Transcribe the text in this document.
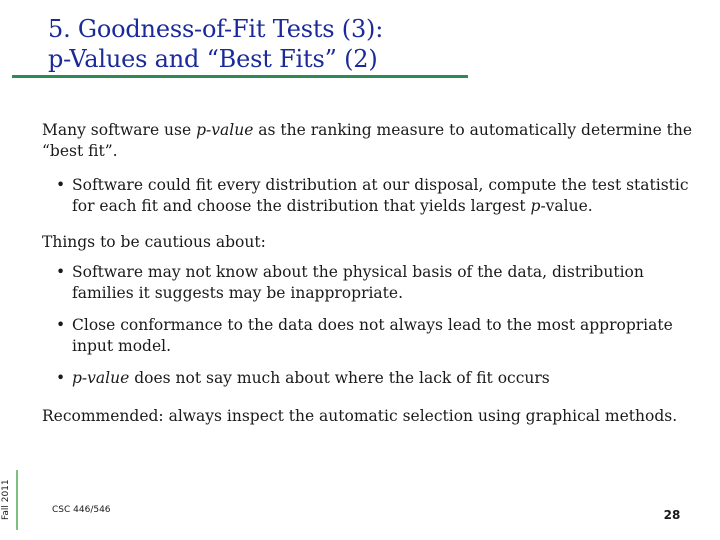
5. Goodness-of-Fit Tests (3):
p-Values and “Best Fits” (2)

Many software use p-value as the ranking measure to automatically determine the “best fit”.

• Software could fit every distribution at our disposal, compute the test statistic for each fit and choose the distribution that yields largest p-value.

Things to be cautious about:

• Software may not know about the physical basis of the data, distribution families it suggests may be inappropriate.
• Close conformance to the data does not always lead to the most appropriate input model.
• p-value does not say much about where the lack of fit occurs

Recommended: always inspect the automatic selection using graphical methods.

Fall 2011	CSC 446/546	28
